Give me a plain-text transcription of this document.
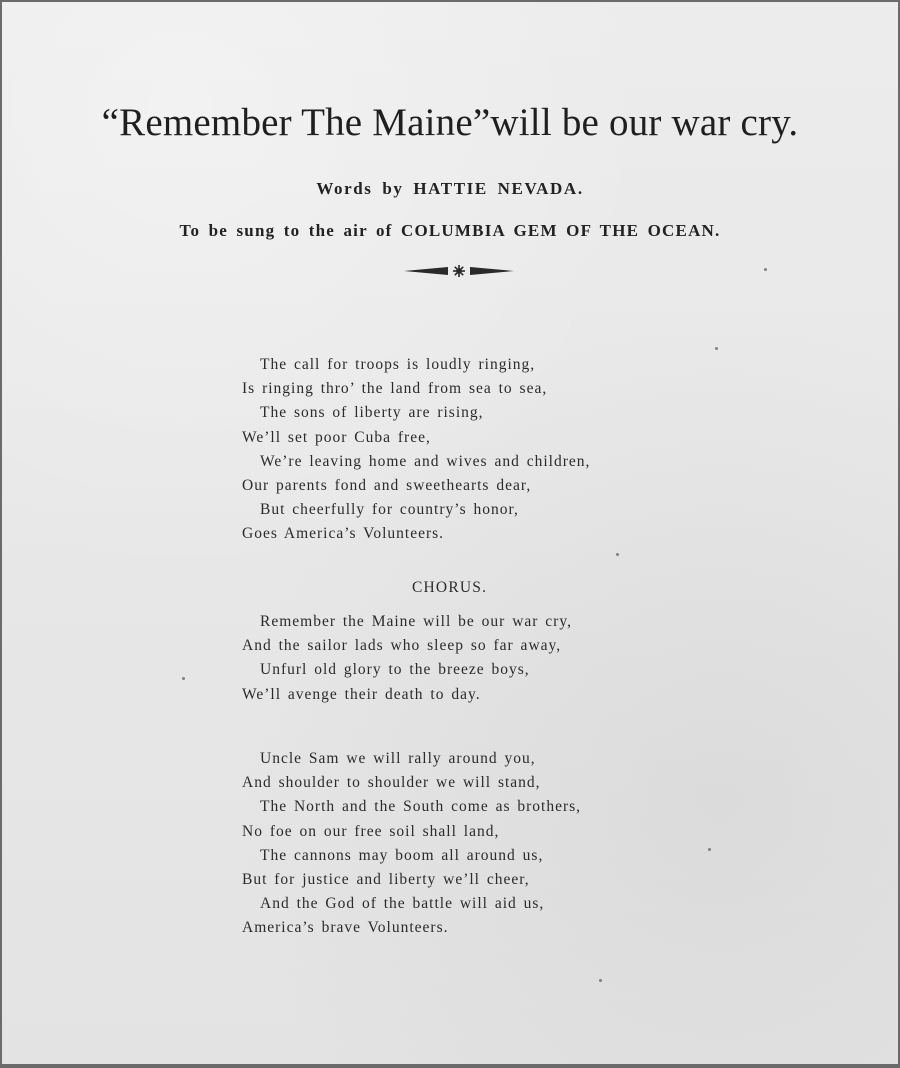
“Remember The Maine”will be our war cry.
Words by HATTIE NEVADA.
To be sung to the air of COLUMBIA GEM OF THE OCEAN.
The call for troops is loudly ringing,
Is ringing thro’ the land from sea to sea,
The sons of liberty are rising,
We’ll set poor Cuba free,
We’re leaving home and wives and children,
Our parents fond and sweethearts dear,
But cheerfully for country’s honor,
Goes America’s Volunteers.
CHORUS.
Remember the Maine will be our war cry,
And the sailor lads who sleep so far away,
Unfurl old glory to the breeze boys,
We’ll avenge their death to day.
Uncle Sam we will rally around you,
And shoulder to shoulder we will stand,
The North and the South come as brothers,
No foe on our free soil shall land,
The cannons may boom all around us,
But for justice and liberty we’ll cheer,
And the God of the battle will aid us,
America’s brave Volunteers.
